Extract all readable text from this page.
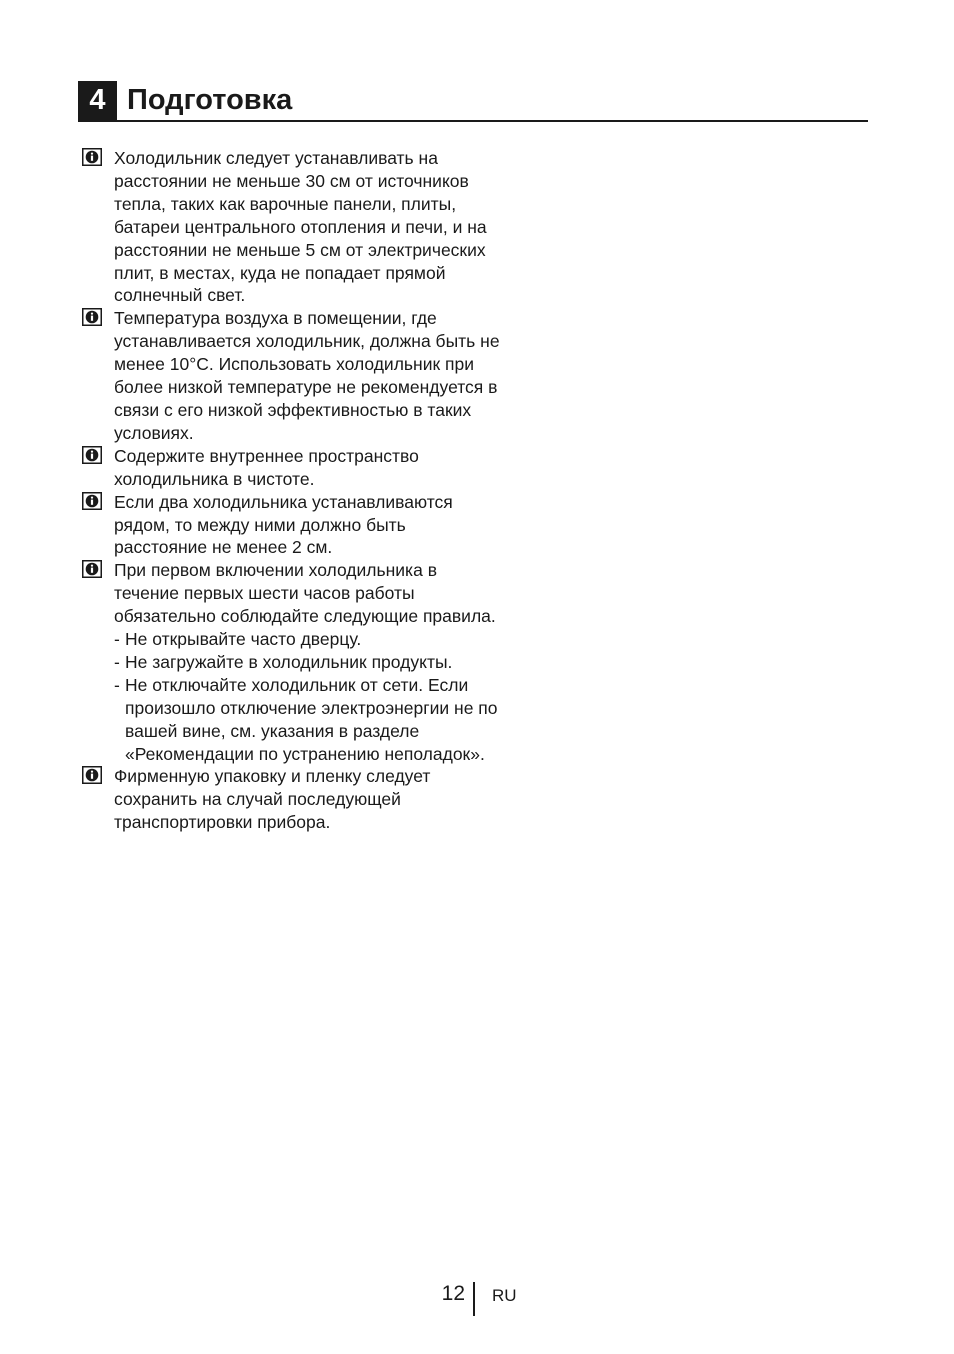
4 Подготовка
Холодильник следует устанавливать на расстоянии не меньше 30 см от источников тепла, таких как варочные панели, плиты, батареи центрального отопления и печи, и на расстоянии не меньше 5 см от электрических плит, в местах, куда не попадает прямой солнечный свет.
Температура воздуха в помещении, где устанавливается холодильник, должна быть не менее 10°C. Использовать холодильник при более низкой температуре не рекомендуется в связи с его низкой эффективностью в таких условиях.
Содержите внутреннее пространство холодильника в чистоте.
Если два холодильника устанавливаются рядом, то между ними должно быть расстояние не менее 2 см.
При первом включении холодильника в течение первых шести часов работы обязательно соблюдайте следующие правила.
- Не открывайте часто дверцу.
- Не загружайте в холодильник продукты.
- Не отключайте холодильник от сети. Если произошло отключение электроэнергии не по вашей вине, см. указания в разделе «Рекомендации по устранению неполадок».
Фирменную упаковку и пленку следует сохранить на случай последующей транспортировки прибора.
12 RU
